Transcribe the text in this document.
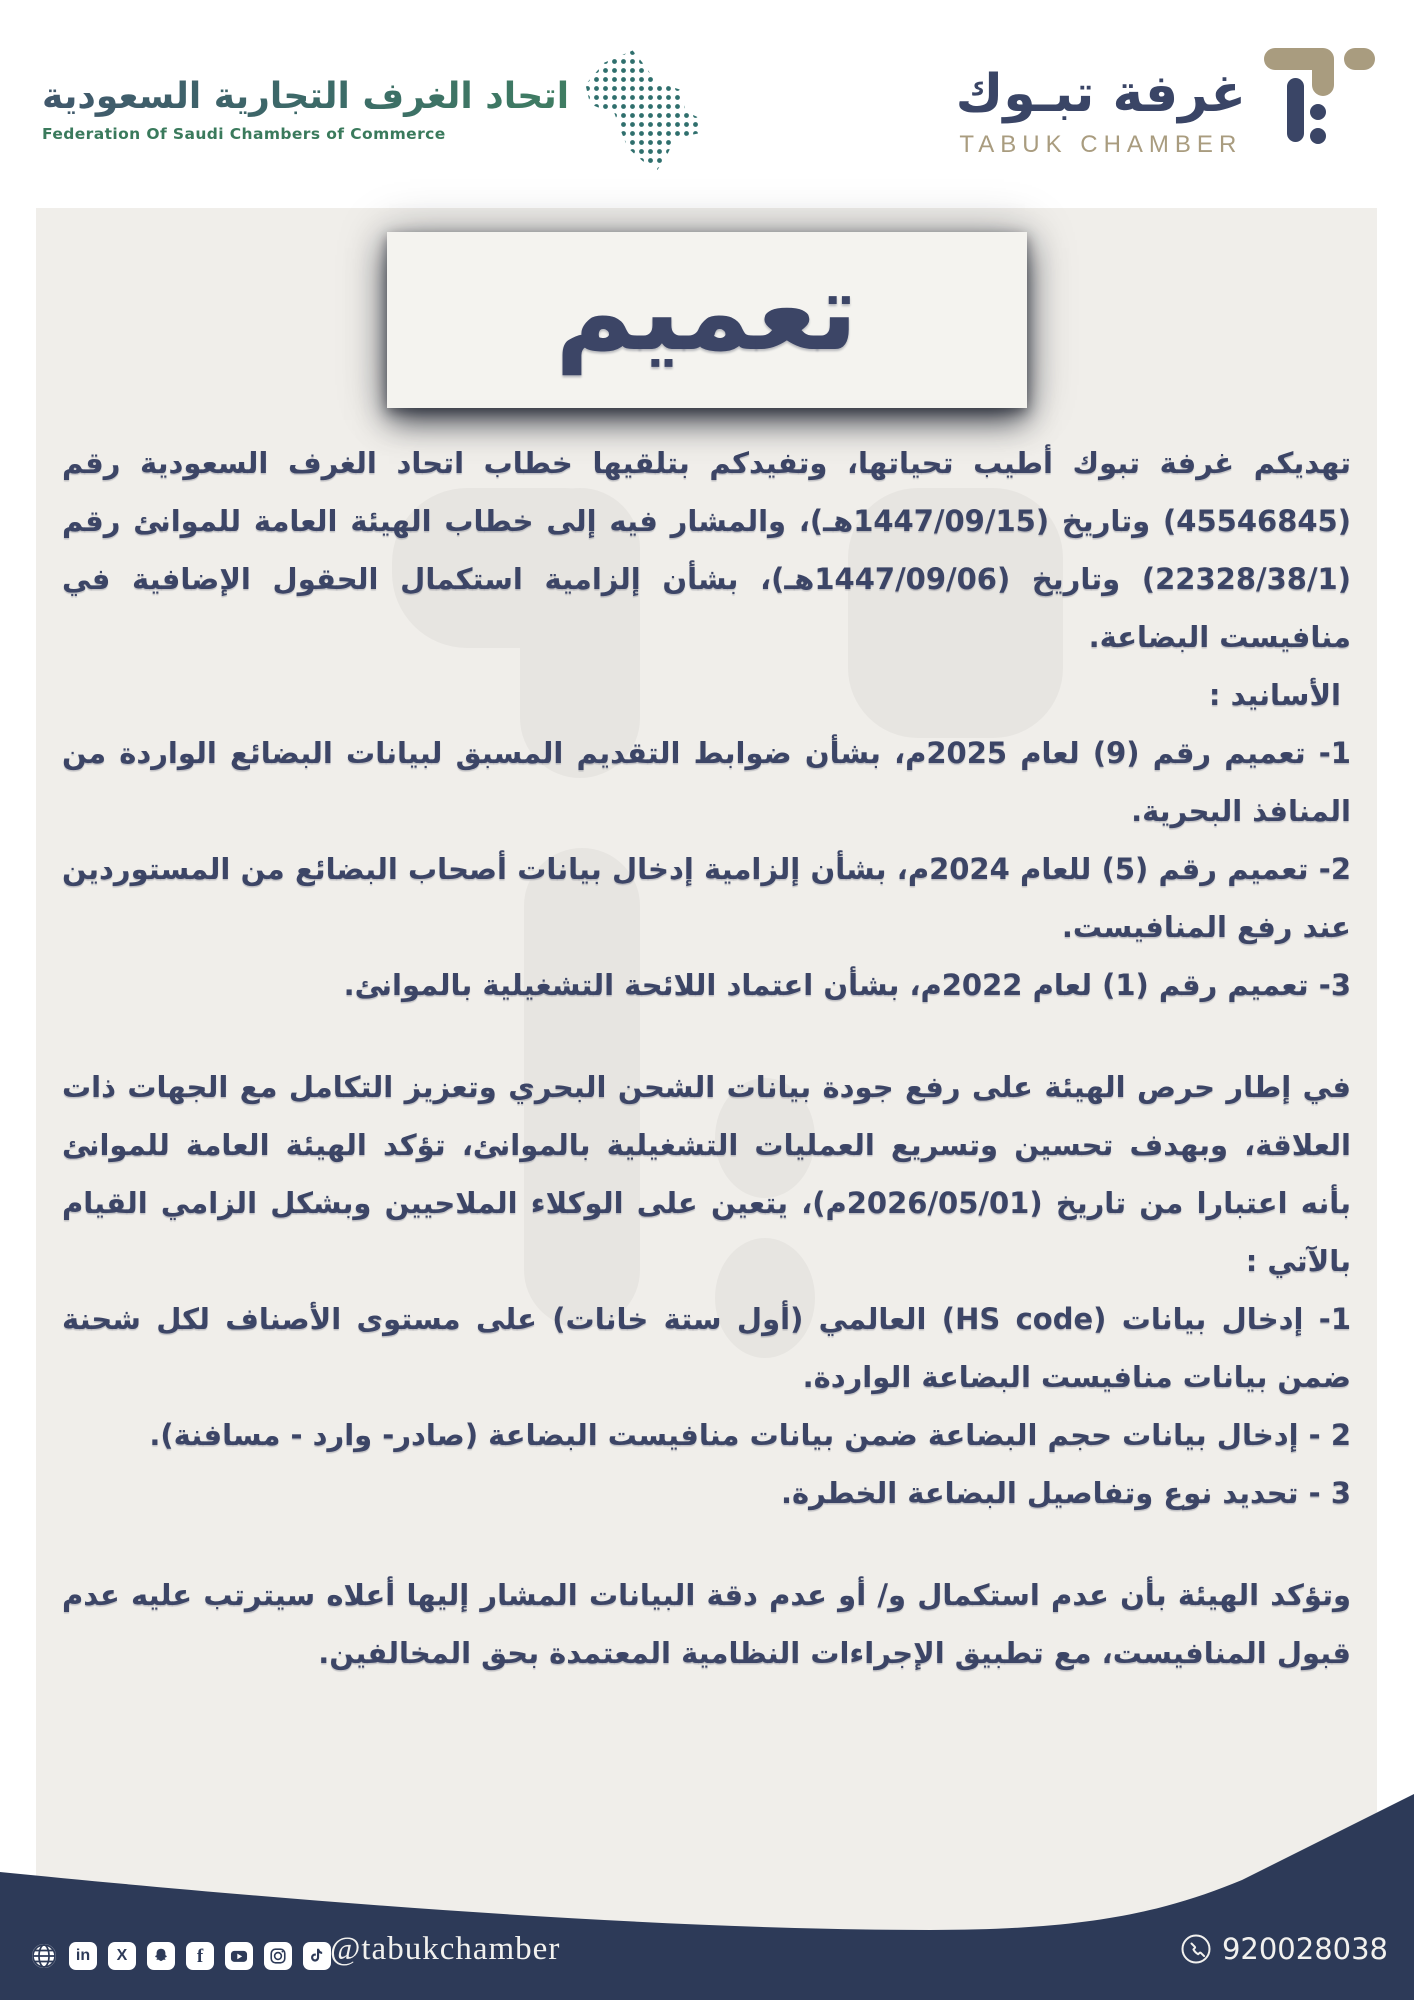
اتحاد الغرف التجارية السعودية
Federation Of Saudi Chambers of Commerce
غرفة تبـوك
TABUK CHAMBER
تعميم

تهديكم غرفة تبوك أطيب تحياتها، وتفيدكم بتلقيها خطاب اتحاد الغرف السعودية رقم (45546845) وتاريخ (1447/09/15هـ)، والمشار فيه إلى خطاب الهيئة العامة للموانئ رقم (22328/38/1) وتاريخ (1447/09/06هـ)، بشأن إلزامية استكمال الحقول الإضافية في منافيست البضاعة.

الأسانيد :

1- تعميم رقم (9) لعام 2025م، بشأن ضوابط التقديم المسبق لبيانات البضائع الواردة من المنافذ البحرية.

2- تعميم رقم (5) للعام 2024م، بشأن إلزامية إدخال بيانات أصحاب البضائع من المستوردين عند رفع المنافيست.

3- تعميم رقم (1) لعام 2022م، بشأن اعتماد اللائحة التشغيلية بالموانئ.

في إطار حرص الهيئة على رفع جودة بيانات الشحن البحري وتعزيز التكامل مع الجهات ذات العلاقة، وبهدف تحسين وتسريع العمليات التشغيلية بالموانئ، تؤكد الهيئة العامة للموانئ بأنه اعتبارا من تاريخ (2026/05/01م)، يتعين على الوكلاء الملاحيين وبشكل الزامي القيام بالآتي :

1- إدخال بيانات (HS code) العالمي (أول ستة خانات) على مستوى الأصناف لكل شحنة ضمن بيانات منافيست البضاعة الواردة.

2 - إدخال بيانات حجم البضاعة ضمن بيانات منافيست البضاعة (صادر- وارد - مسافنة).

3 - تحديد نوع وتفاصيل البضاعة الخطرة.

وتؤكد الهيئة بأن عدم استكمال و/ أو عدم دقة البيانات المشار إليها أعلاه سيترتب عليه عدم قبول المنافيست، مع تطبيق الإجراءات النظامية المعتمدة بحق المخالفين.

in X	f	@tabukchamber	920028038
